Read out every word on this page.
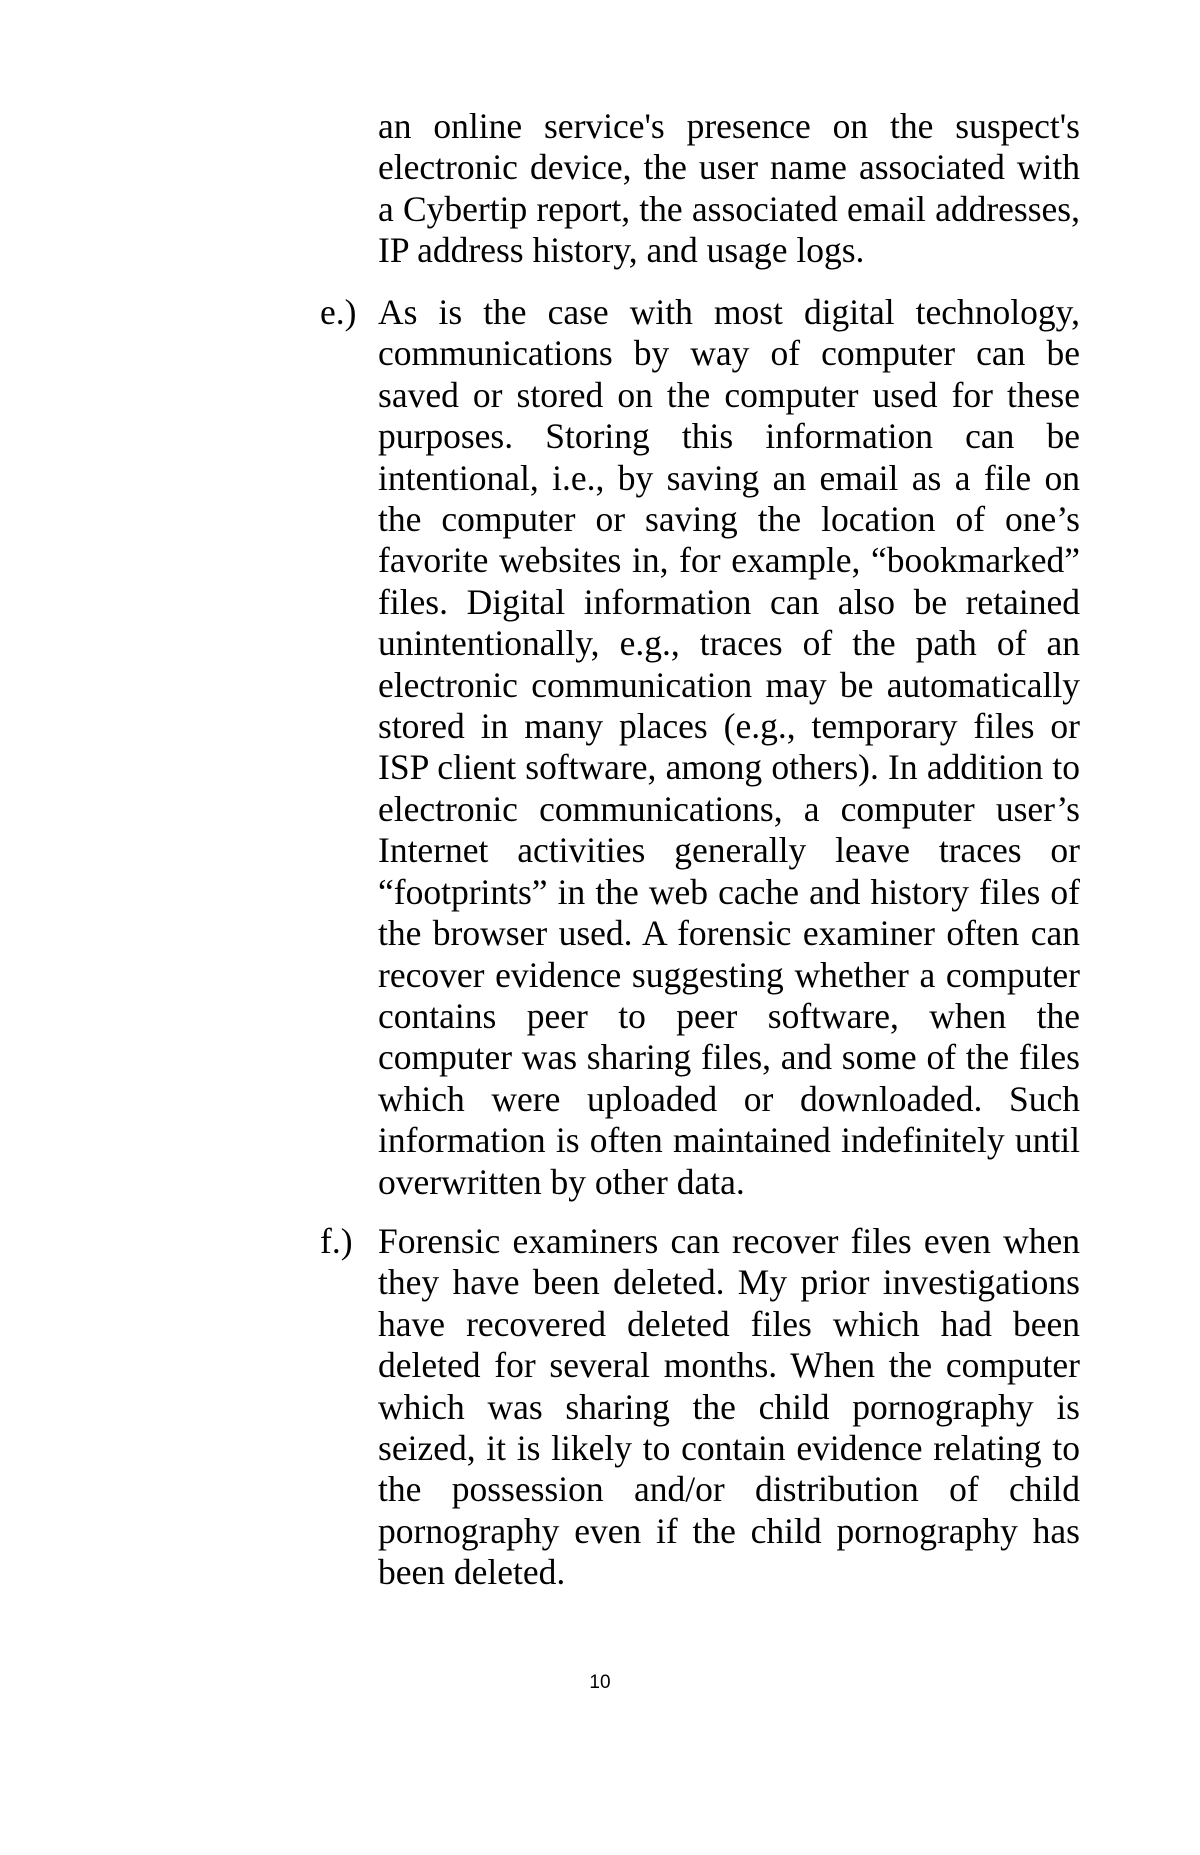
an online service's presence on the suspect's electronic device, the user name associated with a Cybertip report, the associated email addresses, IP address history, and usage logs.

e.) As is the case with most digital technology, communications by way of computer can be saved or stored on the computer used for these purposes. Storing this information can be intentional, i.e., by saving an email as a file on the computer or saving the location of one’s favorite websites in, for example, “bookmarked” files. Digital information can also be retained unintentionally, e.g., traces of the path of an electronic communication may be automatically stored in many places (e.g., temporary files or ISP client software, among others). In addition to electronic communications, a computer user’s Internet activities generally leave traces or “footprints” in the web cache and history files of the browser used. A forensic examiner often can recover evidence suggesting whether a computer contains peer to peer software, when the computer was sharing files, and some of the files which were uploaded or downloaded. Such information is often maintained indefinitely until overwritten by other data.

f.) Forensic examiners can recover files even when they have been deleted. My prior investigations have recovered deleted files which had been deleted for several months. When the computer which was sharing the child pornography is seized, it is likely to contain evidence relating to the possession and/or distribution of child pornography even if the child pornography has been deleted.

10
